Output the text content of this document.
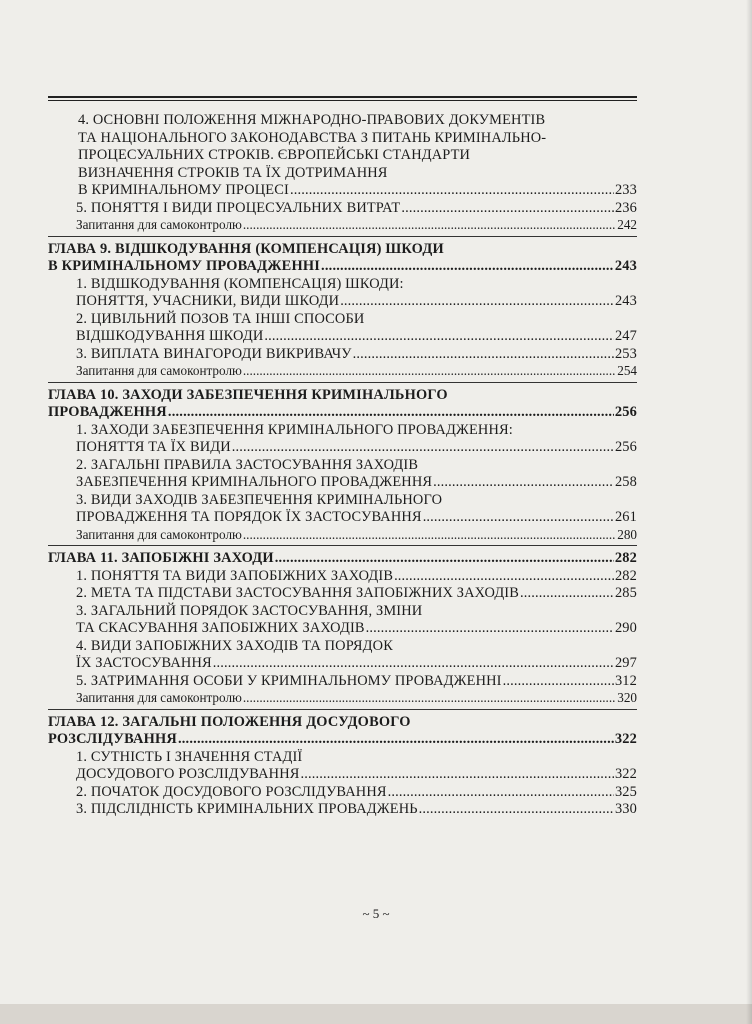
4. ОСНОВНІ ПОЛОЖЕННЯ МІЖНАРОДНО-ПРАВОВИХ ДОКУМЕНТІВ
ТА НАЦІОНАЛЬНОГО ЗАКОНОДАВСТВА З ПИТАНЬ КРИМІНАЛЬНО-
ПРОЦЕСУАЛЬНИХ СТРОКІВ. ЄВРОПЕЙСЬКІ СТАНДАРТИ
ВИЗНАЧЕННЯ СТРОКІВ ТА ЇХ ДОТРИМАННЯ
В КРИМІНАЛЬНОМУ ПРОЦЕСІ .....	233
5. ПОНЯТТЯ І ВИДИ ПРОЦЕСУАЛЬНИХ ВИТРАТ .....	236
Запитання для самоконтролю .....	242
ГЛАВА 9. ВІДШКОДУВАННЯ (КОМПЕНСАЦІЯ) ШКОДИ
В КРИМІНАЛЬНОМУ ПРОВАДЖЕННІ .....	243
1. ВІДШКОДУВАННЯ (КОМПЕНСАЦІЯ) ШКОДИ:
ПОНЯТТЯ, УЧАСНИКИ, ВИДИ ШКОДИ .....	243
2. ЦИВІЛЬНИЙ ПОЗОВ ТА ІНШІ СПОСОБИ
ВІДШКОДУВАННЯ ШКОДИ .....	247
3. ВИПЛАТА ВИНАГОРОДИ ВИКРИВАЧУ .....	253
Запитання для самоконтролю .....	254
ГЛАВА 10. ЗАХОДИ ЗАБЕЗПЕЧЕННЯ КРИМІНАЛЬНОГО
ПРОВАДЖЕННЯ .....	256
1. ЗАХОДИ ЗАБЕЗПЕЧЕННЯ КРИМІНАЛЬНОГО ПРОВАДЖЕННЯ:
ПОНЯТТЯ ТА ЇХ ВИДИ .....	256
2. ЗАГАЛЬНІ ПРАВИЛА ЗАСТОСУВАННЯ ЗАХОДІВ
ЗАБЕЗПЕЧЕННЯ КРИМІНАЛЬНОГО ПРОВАДЖЕННЯ .....	258
3. ВИДИ ЗАХОДІВ ЗАБЕЗПЕЧЕННЯ КРИМІНАЛЬНОГО
ПРОВАДЖЕННЯ ТА ПОРЯДОК ЇХ ЗАСТОСУВАННЯ .....	261
Запитання для самоконтролю .....	280
ГЛАВА 11. ЗАПОБІЖНІ ЗАХОДИ .....	282
1. ПОНЯТТЯ ТА ВИДИ ЗАПОБІЖНИХ ЗАХОДІВ .....	282
2. МЕТА ТА ПІДСТАВИ ЗАСТОСУВАННЯ ЗАПОБІЖНИХ ЗАХОДІВ .....	285
3. ЗАГАЛЬНИЙ ПОРЯДОК ЗАСТОСУВАННЯ, ЗМІНИ
ТА СКАСУВАННЯ ЗАПОБІЖНИХ ЗАХОДІВ .....	290
4. ВИДИ ЗАПОБІЖНИХ ЗАХОДІВ ТА ПОРЯДОК
ЇХ ЗАСТОСУВАННЯ .....	297
5. ЗАТРИМАННЯ ОСОБИ У КРИМІНАЛЬНОМУ ПРОВАДЖЕННІ .....	312
Запитання для самоконтролю .....	320
ГЛАВА 12. ЗАГАЛЬНІ ПОЛОЖЕННЯ ДОСУДОВОГО
РОЗСЛІДУВАННЯ .....	322
1. СУТНІСТЬ І ЗНАЧЕННЯ СТАДІЇ
ДОСУДОВОГО РОЗСЛІДУВАННЯ .....	322
2. ПОЧАТОК ДОСУДОВОГО РОЗСЛІДУВАННЯ .....	325
3. ПІДСЛІДНІСТЬ КРИМІНАЛЬНИХ ПРОВАДЖЕНЬ .....	330
~ 5 ~
